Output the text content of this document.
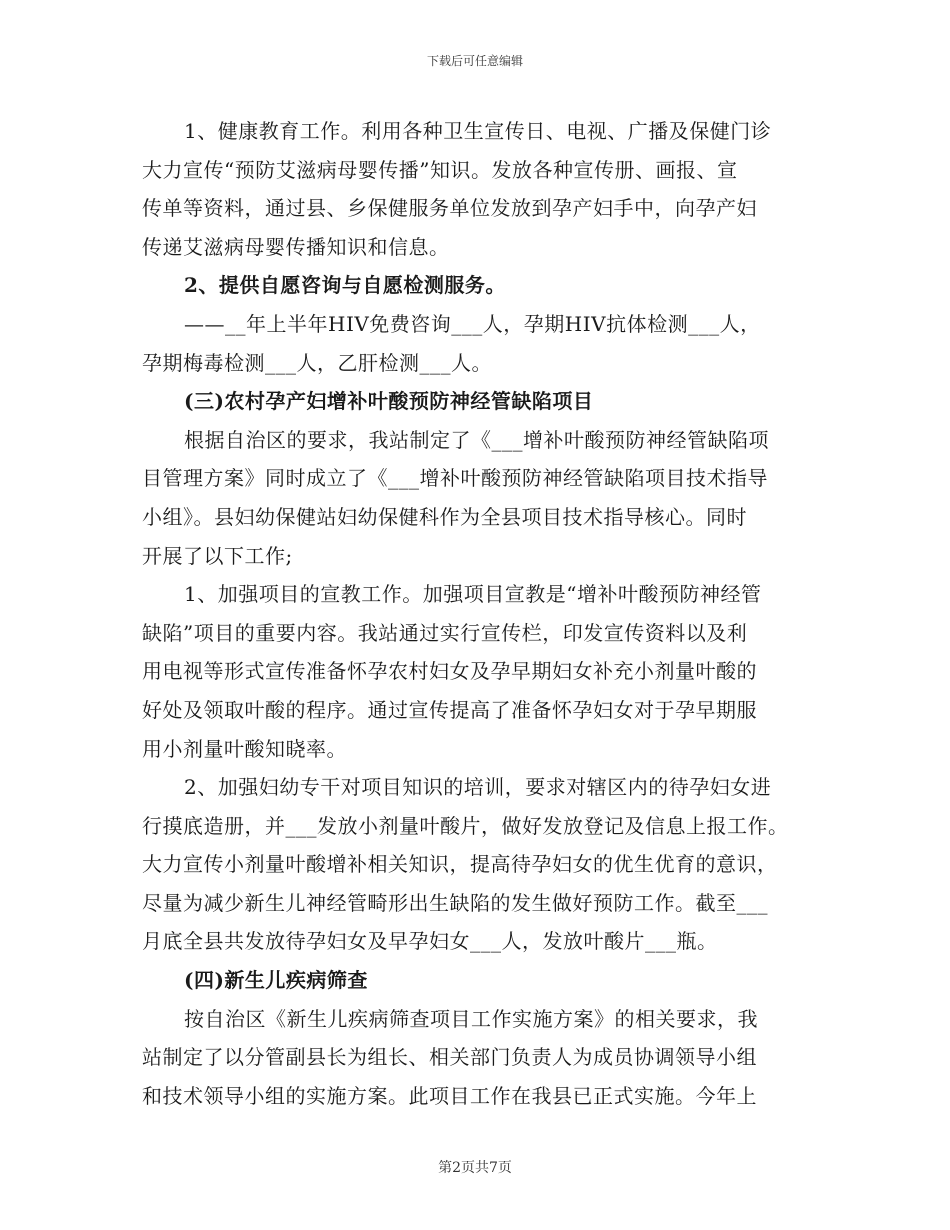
下载后可任意编辑
1、健康教育工作。利用各种卫生宣传日、电视、广播及保健门诊
大力宣传“预防艾滋病母婴传播”知识。发放各种宣传册、画报、宣
传单等资料，通过县、乡保健服务单位发放到孕产妇手中，向孕产妇
传递艾滋病母婴传播知识和信息。
2、提供自愿咨询与自愿检测服务。
——__年上半年HIV免费咨询___人，孕期HIV抗体检测___人，
孕期梅毒检测___人，乙肝检测___人。
(三)农村孕产妇增补叶酸预防神经管缺陷项目
根据自治区的要求，我站制定了《___增补叶酸预防神经管缺陷项
目管理方案》同时成立了《___增补叶酸预防神经管缺陷项目技术指导
小组》。县妇幼保健站妇幼保健科作为全县项目技术指导核心。同时
开展了以下工作;
1、加强项目的宣教工作。加强项目宣教是“增补叶酸预防神经管
缺陷”项目的重要内容。我站通过实行宣传栏，印发宣传资料以及利
用电视等形式宣传准备怀孕农村妇女及孕早期妇女补充小剂量叶酸的
好处及领取叶酸的程序。通过宣传提高了准备怀孕妇女对于孕早期服
用小剂量叶酸知晓率。
2、加强妇幼专干对项目知识的培训，要求对辖区内的待孕妇女进
行摸底造册，并___发放小剂量叶酸片，做好发放登记及信息上报工作。
大力宣传小剂量叶酸增补相关知识，提高待孕妇女的优生优育的意识，
尽量为减少新生儿神经管畸形出生缺陷的发生做好预防工作。截至___
月底全县共发放待孕妇女及早孕妇女___人，发放叶酸片___瓶。
(四)新生儿疾病筛查
按自治区《新生儿疾病筛查项目工作实施方案》的相关要求，我
站制定了以分管副县长为组长、相关部门负责人为成员协调领导小组
和技术领导小组的实施方案。此项目工作在我县已正式实施。今年上
第2页共7页
